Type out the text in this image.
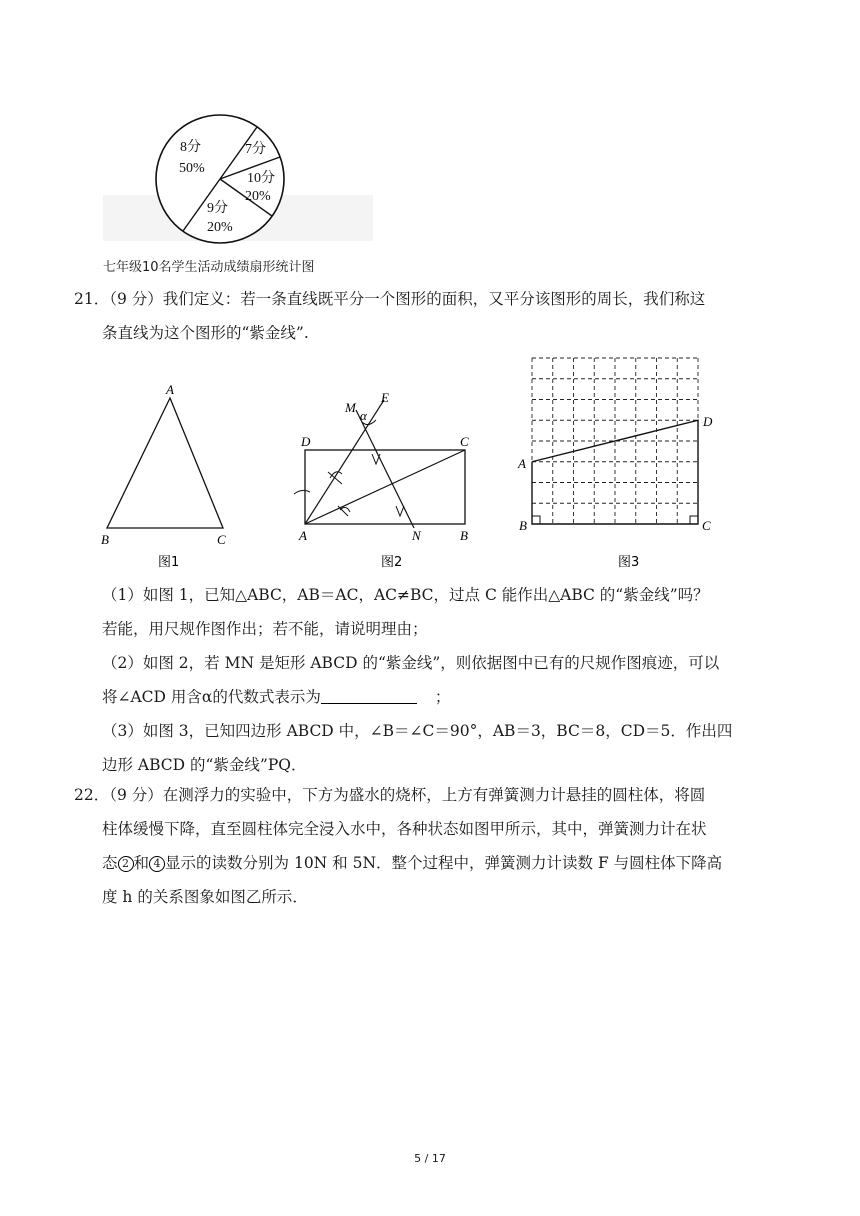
8分
50%
7分
10分
20%
9分
20%
七年级10名学生活动成绩扇形统计图
21．（9 分）我们定义：若一条直线既平分一个图形的面积，又平分该图形的周长，我们称这
条直线为这个图形的“紫金线”.
A
B	C
图1
D	C
A	B
E
M
N
α
图2
A
B	C
D
图3
（1）如图 1，已知△ABC，AB＝AC，AC≠BC，过点 C 能作出△ABC 的“紫金线”吗？
若能，用尺规作图作出；若不能，请说明理由；
（2）如图 2，若 MN 是矩形 ABCD 的“紫金线”，则依据图中已有的尺规作图痕迹，可以
将∠ACD 用含α的代数式表示为	；
（3）如图 3，已知四边形 ABCD 中，∠B＝∠C＝90°，AB＝3，BC＝8，CD＝5．作出四
边形 ABCD 的“紫金线”PQ．
22．（9 分）在测浮力的实验中，下方为盛水的烧杯，上方有弹簧测力计悬挂的圆柱体，将圆
柱体缓慢下降，直至圆柱体完全浸入水中，各种状态如图甲所示，其中，弹簧测力计在状
态 2 和 4 显示的读数分别为 10N 和 5N．整个过程中，弹簧测力计读数 F 与圆柱体下降高
度 h 的关系图象如图乙所示．
5 / 17
